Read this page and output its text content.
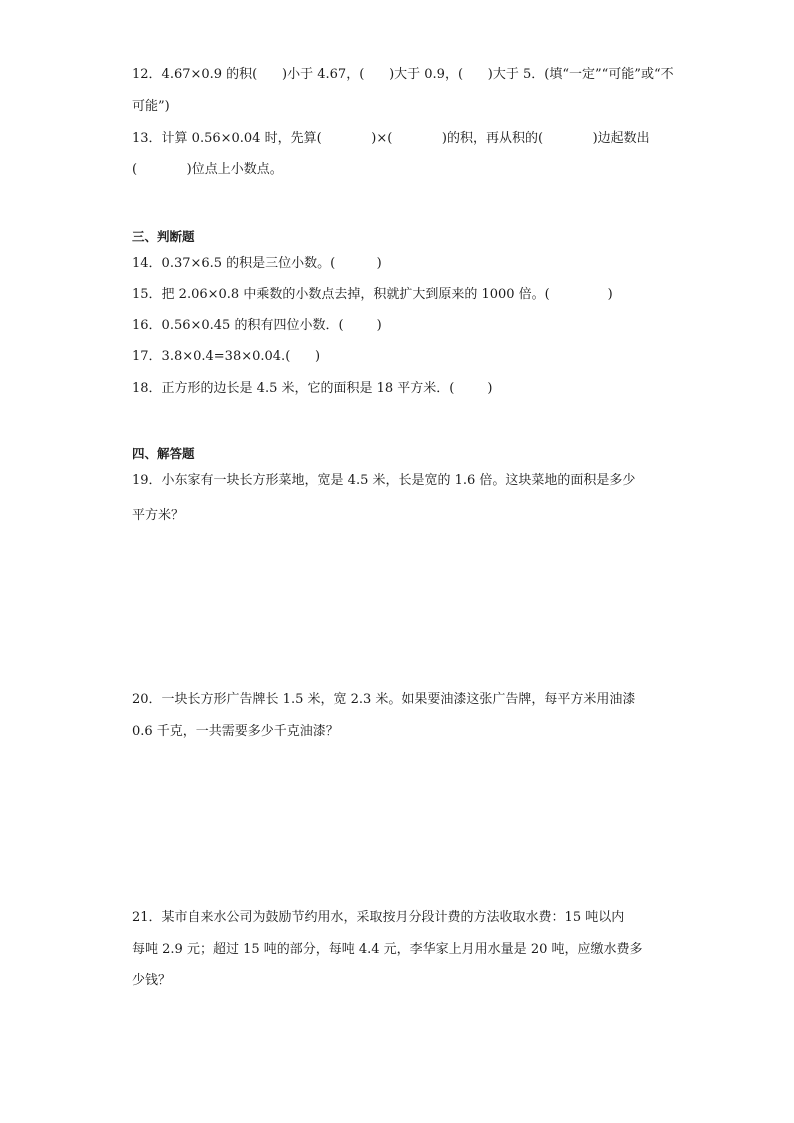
12．4.67×0.9 的积(      )小于 4.67，(      )大于 0.9，(      )大于 5．(填“一定”“可能”或“不

可能”)

13．计算 0.56×0.04 时，先算(            )×(            )的积，再从积的(            )边起数出

(            )位点上小数点。

三、判断题

14．0.37×6.5 的积是三位小数。(          )

15．把 2.06×0.8 中乘数的小数点去掉，积就扩大到原来的 1000 倍。(              )

16．0.56×0.45 的积有四位小数．(        )

17．3.8×0.4=38×0.04.(      )

18．正方形的边长是 4.5 米，它的面积是 18 平方米．(        )

四、解答题

19．小东家有一块长方形菜地，宽是 4.5 米，长是宽的 1.6 倍。这块菜地的面积是多少

平方米？

20．一块长方形广告牌长 1.5 米，宽 2.3 米。如果要油漆这张广告牌，每平方米用油漆

0.6 千克，一共需要多少千克油漆？

21．某市自来水公司为鼓励节约用水，采取按月分段计费的方法收取水费：15 吨以内

每吨 2.9 元；超过 15 吨的部分，每吨 4.4 元，李华家上月用水量是 20 吨，应缴水费多

少钱？
